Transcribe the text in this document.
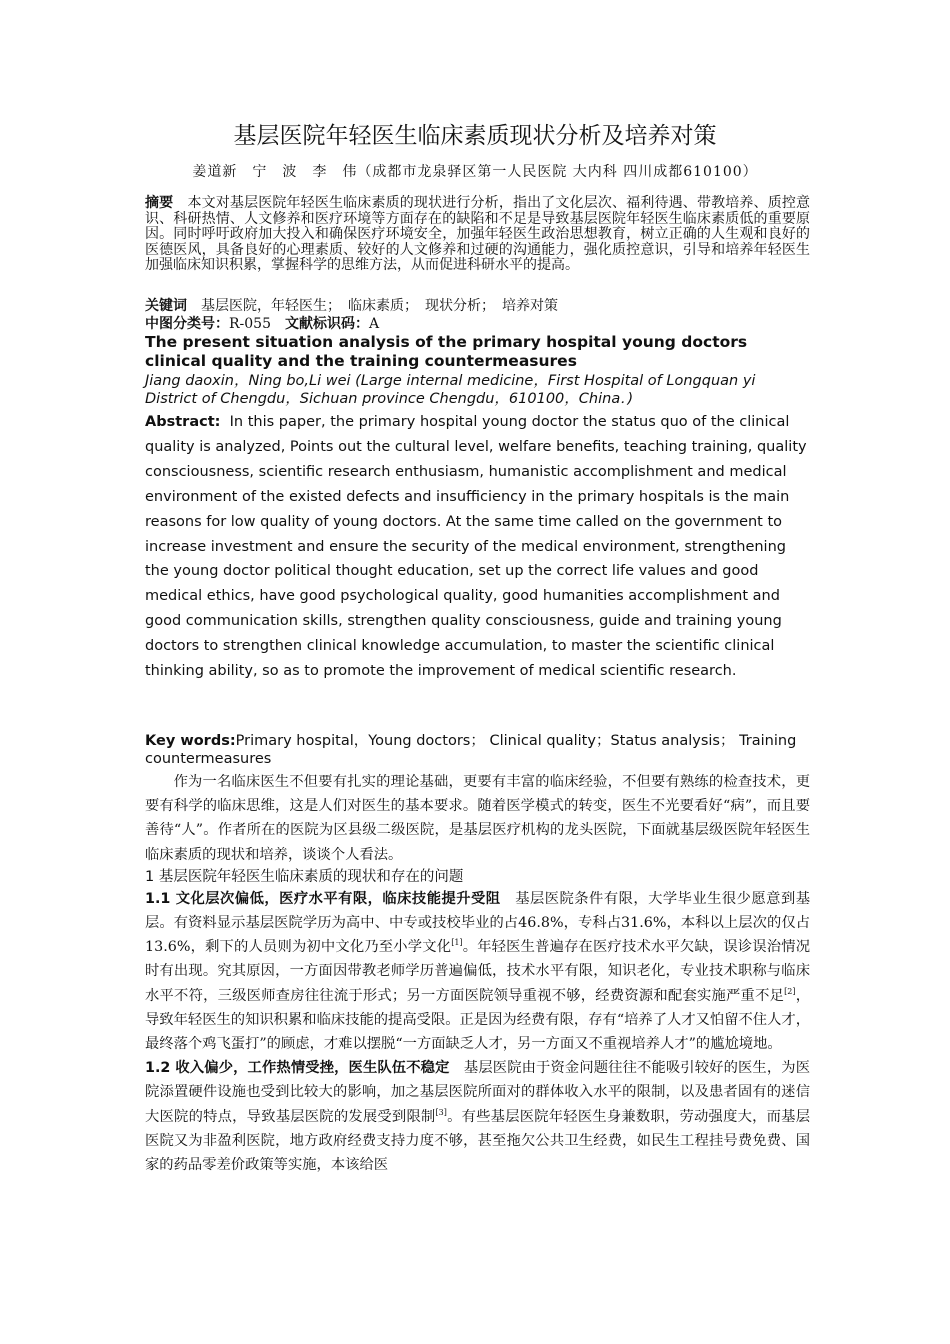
基层医院年轻医生临床素质现状分析及培养对策
姜道新　宁　波　李　伟（成都市龙泉驿区第一人民医院 大内科 四川成都610100）
摘要　 本文对基层医院年轻医生临床素质的现状进行分析，指出了文化层次、福利待遇、带教培养、质控意识、科研热情、人文修养和医疗环境等方面存在的缺陷和不足是导致基层医院年轻医生临床素质低的重要原因。同时呼吁政府加大投入和确保医疗环境安全，加强年轻医生政治思想教育，树立正确的人生观和良好的医德医风，具备良好的心理素质、较好的人文修养和过硬的沟通能力，强化质控意识，引导和培养年轻医生加强临床知识积累，掌握科学的思维方法，从而促进科研水平的提高。
关键词　 基层医院，年轻医生；　临床素质；　现状分析；　培养对策
中图分类号：R-055　 文献标识码：A
The present situation analysis of the primary hospital young doctors clinical quality and the training countermeasures
Jiang daoxin，Ning bo,Li wei (Large internal medicine，First Hospital of Longquan yi District of Chengdu，Sichuan province Chengdu，610100，China．)
Abstract: In this paper, the primary hospital young doctor the status quo of the clinical quality is analyzed, Points out the cultural level, welfare benefits, teaching training, quality consciousness, scientific research enthusiasm, humanistic accomplishment and medical environment of the existed defects and insufficiency in the primary hospitals is the main reasons for low quality of young doctors. At the same time called on the government to increase investment and ensure the security of the medical environment, strengthening the young doctor political thought education, set up the correct life values and good medical ethics, have good psychological quality, good humanities accomplishment and good communication skills, strengthen quality consciousness, guide and training young doctors to strengthen clinical knowledge accumulation, to master the scientific clinical thinking ability, so as to promote the improvement of medical scientific research.
Key words:Primary hospital，Young doctors； Clinical quality；Status analysis； Training countermeasures

作为一名临床医生不但要有扎实的理论基础，更要有丰富的临床经验，不但要有熟练的检查技术，更要有科学的临床思维，这是人们对医生的基本要求。随着医学模式的转变，医生不光要看好“病”，而且要善待“人”。作者所在的医院为区县级二级医院，是基层医疗机构的龙头医院，下面就基层级医院年轻医生临床素质的现状和培养，谈谈个人看法。

1 基层医院年轻医生临床素质的现状和存在的问题

1.1 文化层次偏低，医疗水平有限，临床技能提升受阻　基层医院条件有限，大学毕业生很少愿意到基层。有资料显示基层医院学历为高中、中专或技校毕业的占46.8%，专科占31.6%，本科以上层次的仅占13.6%，剩下的人员则为初中文化乃至小学文化[1]。年轻医生普遍存在医疗技术水平欠缺，误诊误治情况时有出现。究其原因，一方面因带教老师学历普遍偏低，技术水平有限，知识老化，专业技术职称与临床水平不符，三级医师查房往往流于形式；另一方面医院领导重视不够，经费资源和配套实施严重不足[2]，导致年轻医生的知识积累和临床技能的提高受限。正是因为经费有限，存有“培养了人才又怕留不住人才，最终落个鸡飞蛋打”的顾虑，才难以摆脱“一方面缺乏人才，另一方面又不重视培养人才”的尴尬境地。

1.2 收入偏少，工作热情受挫，医生队伍不稳定　基层医院由于资金问题往往不能吸引较好的医生，为医院添置硬件设施也受到比较大的影响，加之基层医院所面对的群体收入水平的限制，以及患者固有的迷信大医院的特点，导致基层医院的发展受到限制[3]。有些基层医院年轻医生身兼数职，劳动强度大，而基层医院又为非盈利医院，地方政府经费支持力度不够，甚至拖欠公共卫生经费，如民生工程挂号费免费、国家的药品零差价政策等实施，本该给医
